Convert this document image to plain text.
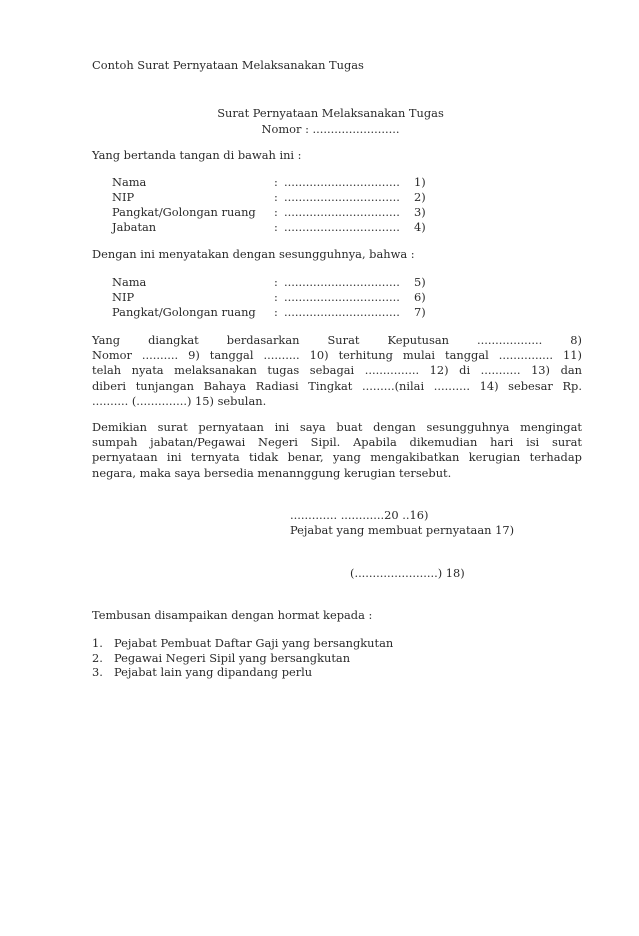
Contoh Surat Pernyataan Melaksanakan Tugas
Surat Pernyataan Melaksanakan Tugas
Nomor : ........................
Yang bertanda tangan di bawah ini :
Nama	: ................................ 1)
NIP	: ................................ 2)
Pangkat/Golongan ruang : ................................ 3)
Jabatan	: ................................ 4)
Dengan ini menyatakan dengan sesungguhnya, bahwa :
Nama	: ................................ 5)
NIP	: ................................ 6)
Pangkat/Golongan ruang : ................................ 7)
Yang diangkat berdasarkan Surat Keputusan .................. 8)
Nomor .......... 9) tanggal .......... 10) terhitung mulai tanggal ............... 11)
telah nyata melaksanakan tugas sebagai ............... 12) di ........... 13) dan
diberi tunjangan Bahaya Radiasi Tingkat .........(nilai .......... 14) sebesar Rp.
.......... (..............) 15) sebulan.
Demikian surat pernyataan ini saya buat dengan sesungguhnya mengingat
sumpah jabatan/Pegawai Negeri Sipil. Apabila dikemudian hari isi surat
pernyataan ini ternyata tidak benar, yang mengakibatkan kerugian terhadap
negara, maka saya bersedia menannggung kerugian tersebut.
............. ............20 ..16)
Pejabat yang membuat pernyataan 17)
(.......................) 18)
Tembusan disampaikan dengan hormat kepada :
1. Pejabat Pembuat Daftar Gaji yang bersangkutan
2. Pegawai Negeri Sipil yang bersangkutan
3. Pejabat lain yang dipandang perlu
